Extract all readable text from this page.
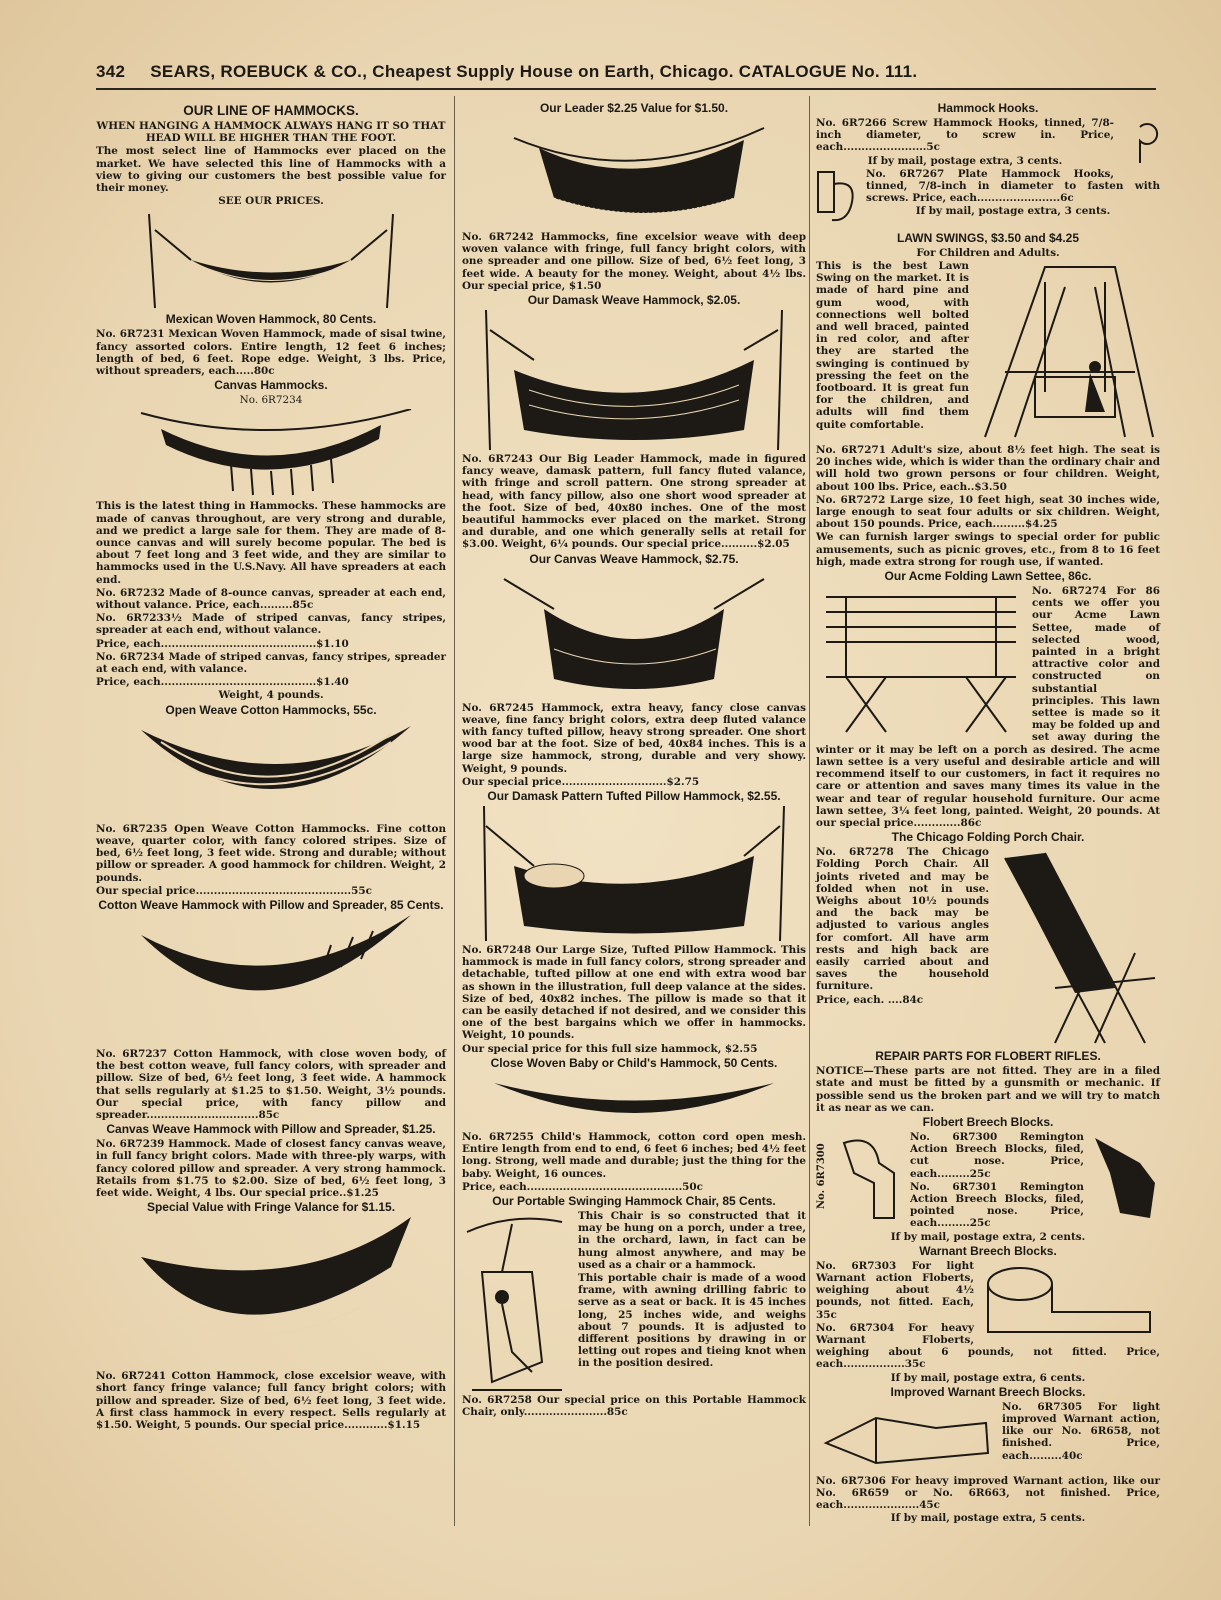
342 SEARS, ROEBUCK & CO., Cheapest Supply House on Earth, Chicago. CATALOGUE No. 111.
OUR LINE OF HAMMOCKS.

WHEN HANGING A HAMMOCK ALWAYS HANG IT SO THAT HEAD WILL BE HIGHER THAN THE FOOT.

The most select line of Hammocks ever placed on the market. We have selected this line of Hammocks with a view to giving our customers the best possible value for their money.

SEE OUR PRICES.

Mexican Woven Hammock, 80 Cents.

No. 6R7231 Mexican Woven Hammock, made of sisal twine, fancy assorted colors. Entire length, 12 feet 6 inches; length of bed, 6 feet. Rope edge. Weight, 3 lbs. Price, without spreaders, each.....80c

Canvas Hammocks.

No. 6R7234

This is the latest thing in Hammocks. These hammocks are made of canvas throughout, are very strong and durable, and we predict a large sale for them. They are made of 8-ounce canvas and will surely become popular. The bed is about 7 feet long and 3 feet wide, and they are similar to hammocks used in the U.S.Navy. All have spreaders at each end.

No. 6R7232 Made of 8-ounce canvas, spreader at each end, without valance. Price, each.........85c

No. 6R7233½ Made of striped canvas, fancy stripes, spreader at each end, without valance.

Price, each...........................................$1.10

No. 6R7234 Made of striped canvas, fancy stripes, spreader at each end, with valance.

Price, each...........................................$1.40

Weight, 4 pounds.

Open Weave Cotton Hammocks, 55c.

No. 6R7235 Open Weave Cotton Hammocks. Fine cotton weave, quarter color, with fancy colored stripes. Size of bed, 6½ feet long, 3 feet wide. Strong and durable; without pillow or spreader. A good hammock for children. Weight, 2 pounds.

Our special price...........................................55c

Cotton Weave Hammock with Pillow and Spreader, 85 Cents.

No. 6R7237 Cotton Hammock, with close woven body, of the best cotton weave, full fancy colors, with spreader and pillow. Size of bed, 6½ feet long, 3 feet wide. A hammock that sells regularly at $1.25 to $1.50. Weight, 3½ pounds. Our special price, with fancy pillow and spreader...............................85c

Canvas Weave Hammock with Pillow and Spreader, $1.25.

No. 6R7239 Hammock. Made of closest fancy canvas weave, in full fancy bright colors. Made with three-ply warps, with fancy colored pillow and spreader. A very strong hammock. Retails from $1.75 to $2.00. Size of bed, 6½ feet long, 3 feet wide. Weight, 4 lbs. Our special price..$1.25

Special Value with Fringe Valance for $1.15.

No. 6R7241 Cotton Hammock, close excelsior weave, with short fancy fringe valance; full fancy bright colors; with pillow and spreader. Size of bed, 6½ feet long, 3 feet wide. A first class hammock in every respect. Sells regularly at $1.50. Weight, 5 pounds. Our special price............$1.15

Our Leader $2.25 Value for $1.50.

No. 6R7242 Hammocks, fine excelsior weave with deep woven valance with fringe, full fancy bright colors, with one spreader and one pillow. Size of bed, 6½ feet long, 3 feet wide. A beauty for the money. Weight, about 4½ lbs. Our special price, $1.50

Our Damask Weave Hammock, $2.05.

No. 6R7243 Our Big Leader Hammock, made in figured fancy weave, damask pattern, full fancy fluted valance, with fringe and scroll pattern. One strong spreader at head, with fancy pillow, also one short wood spreader at the foot. Size of bed, 40x80 inches. One of the most beautiful hammocks ever placed on the market. Strong and durable, and one which generally sells at retail for $3.00. Weight, 6¼ pounds. Our special price..........$2.05

Our Canvas Weave Hammock, $2.75.

No. 6R7245 Hammock, extra heavy, fancy close canvas weave, fine fancy bright colors, extra deep fluted valance with fancy tufted pillow, heavy strong spreader. One short wood bar at the foot. Size of bed, 40x84 inches. This is a large size hammock, strong, durable and very showy. Weight, 9 pounds.

Our special price.............................$2.75

Our Damask Pattern Tufted Pillow Hammock, $2.55.

No. 6R7248 Our Large Size, Tufted Pillow Hammock. This hammock is made in full fancy colors, strong spreader and detachable, tufted pillow at one end with extra wood bar as shown in the illustration, full deep valance at the sides. Size of bed, 40x82 inches. The pillow is made so that it can be easily detached if not desired, and we consider this one of the best bargains which we offer in hammocks. Weight, 10 pounds.

Our special price for this full size hammock, $2.55

Close Woven Baby or Child's Hammock, 50 Cents.

No. 6R7255 Child's Hammock, cotton cord open mesh. Entire length from end to end, 6 feet 6 inches; bed 4½ feet long. Strong, well made and durable; just the thing for the baby. Weight, 16 ounces.

Price, each...........................................50c

Our Portable Swinging Hammock Chair, 85 Cents.

This Chair is so constructed that it may be hung on a porch, under a tree, in the orchard, lawn, in fact can be hung almost anywhere, and may be used as a chair or a hammock.

This portable chair is made of a wood frame, with awning drilling fabric to serve as a seat or back. It is 45 inches long, 25 inches wide, and weighs about 7 pounds. It is adjusted to different positions by drawing in or letting out ropes and tieing knot when in the position desired.

No. 6R7258 Our special price on this Portable Hammock Chair, only.......................85c

Hammock Hooks.

No. 6R7266 Screw Hammock Hooks, tinned, 7/8-inch diameter, to screw in. Price, each.......................5c

If by mail, postage extra, 3 cents.

No. 6R7267 Plate Hammock Hooks, tinned, 7/8-inch in diameter to fasten with screws. Price, each.......................6c

If by mail, postage extra, 3 cents.

LAWN SWINGS, $3.50 and $4.25

For Children and Adults.

This is the best Lawn Swing on the market. It is made of hard pine and gum wood, with connections well bolted and well braced, painted in red color, and after they are started the swinging is continued by pressing the feet on the footboard. It is great fun for the children, and adults will find them quite comfortable.

No. 6R7271 Adult's size, about 8½ feet high. The seat is 20 inches wide, which is wider than the ordinary chair and will hold two grown persons or four children. Weight, about 100 lbs. Price, each..$3.50

No. 6R7272 Large size, 10 feet high, seat 30 inches wide, large enough to seat four adults or six children. Weight, about 150 pounds. Price, each.........$4.25

We can furnish larger swings to special order for public amusements, such as picnic groves, etc., from 8 to 16 feet high, made extra strong for rough use, if wanted.

Our Acme Folding Lawn Settee, 86c.

No. 6R7274 For 86 cents we offer you our Acme Lawn Settee, made of selected wood, painted in a bright attractive color and constructed on substantial principles. This lawn settee is made so it may be folded up and set away during the winter or it may be left on a porch as desired. The acme lawn settee is a very useful and desirable article and will recommend itself to our customers, in fact it requires no care or attention and saves many times its value in the wear and tear of regular household furniture. Our acme lawn settee, 3¼ feet long, painted. Weight, 20 pounds. At our special price.............86c

The Chicago Folding Porch Chair.

No. 6R7278 The Chicago Folding Porch Chair. All joints riveted and may be folded when not in use. Weighs about 10½ pounds and the back may be adjusted to various angles for comfort. All have arm rests and high back are easily carried about and saves the household furniture.

Price, each. ....84c

REPAIR PARTS FOR FLOBERT RIFLES.

NOTICE—These parts are not fitted. They are in a filed state and must be fitted by a gunsmith or mechanic. If possible send us the broken part and we will try to match it as near as we can.

Flobert Breech Blocks.
No. 6R7300

No. 6R7300 Remington Action Breech Blocks, filed, cut nose. Price, each.........25c

No. 6R7301 Remington Action Breech Blocks, filed, pointed nose. Price, each.........25c

If by mail, postage extra, 2 cents.

Warnant Breech Blocks.

No. 6R7303 For light Warnant action Floberts, weighing about 4½ pounds, not fitted. Each, 35c

No. 6R7304 For heavy Warnant Floberts, weighing about 6 pounds, not fitted. Price, each.................35c

If by mail, postage extra, 6 cents.

Improved Warnant Breech Blocks.

No. 6R7305 For light improved Warnant action, like our No. 6R658, not finished. Price, each.........40c

No. 6R7306 For heavy improved Warnant action, like our No. 6R659 or No. 6R663, not finished. Price, each.....................45c

If by mail, postage extra, 5 cents.
